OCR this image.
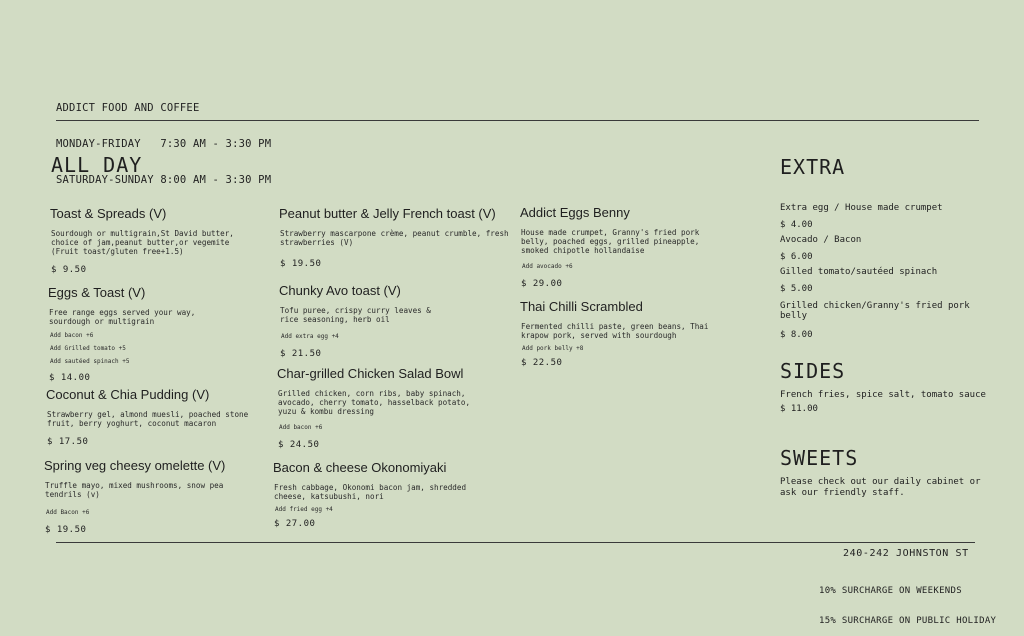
ADDICT FOOD AND COFFEE

MONDAY-FRIDAY   7:30 AM - 3:30 PM

SATURDAY-SUNDAY 8:00 AM - 3:30 PM

ALL DAY
Toast & Spreads (V)
Sourdough or multigrain,St David butter, choice of jam,peanut butter,or vegemite (Fruit toast/gluten free+1.5)
$ 9.50
Eggs & Toast (V)
Free range eggs served your way, sourdough or multigrain
Add bacon +6
Add Grilled tomato +5
Add sautéed spinach +5
$ 14.00
Coconut & Chia Pudding (V)
Strawberry gel, almond muesli, poached stone fruit, berry yoghurt, coconut macaron
$ 17.50
Spring veg cheesy omelette (V)
Truffle mayo, mixed mushrooms, snow pea tendrils (v)
Add Bacon +6
$ 19.50
Peanut butter & Jelly French toast (V)
Strawberry mascarpone crème, peanut crumble, fresh strawberries (V)
$ 19.50
Chunky Avo toast (V)
Tofu puree, crispy curry leaves & rice seasoning, herb oil
Add extra egg +4
$ 21.50
Char-grilled Chicken Salad Bowl
Grilled chicken, corn ribs, baby spinach, avocado, cherry tomato, hasselback potato, yuzu & kombu dressing
Add bacon +6
$ 24.50
Bacon & cheese Okonomiyaki
Fresh cabbage, Okonomi bacon jam, shredded cheese, katsubushi, nori
Add fried egg +4
$ 27.00
Addict Eggs Benny
House made crumpet, Granny's fried pork belly, poached eggs, grilled pineapple, smoked chipotle hollandaise
Add avocado +6
$ 29.00
Thai Chilli Scrambled
Fermented chilli paste, green beans, Thai krapow pork, served with sourdough
Add pork belly +8
$ 22.50
EXTRA
Extra egg / House made crumpet
$ 4.00
Avocado / Bacon
$ 6.00
Gilled tomato/sautéed spinach
$ 5.00
Grilled chicken/Granny's fried pork belly
$ 8.00
SIDES
French fries, spice salt, tomato sauce
$ 11.00
SWEETS
Please check out our daily cabinet or ask our friendly staff.
240-242 JOHNSTON ST

10% SURCHARGE ON WEEKENDS

15% SURCHARGE ON PUBLIC HOLIDAY
